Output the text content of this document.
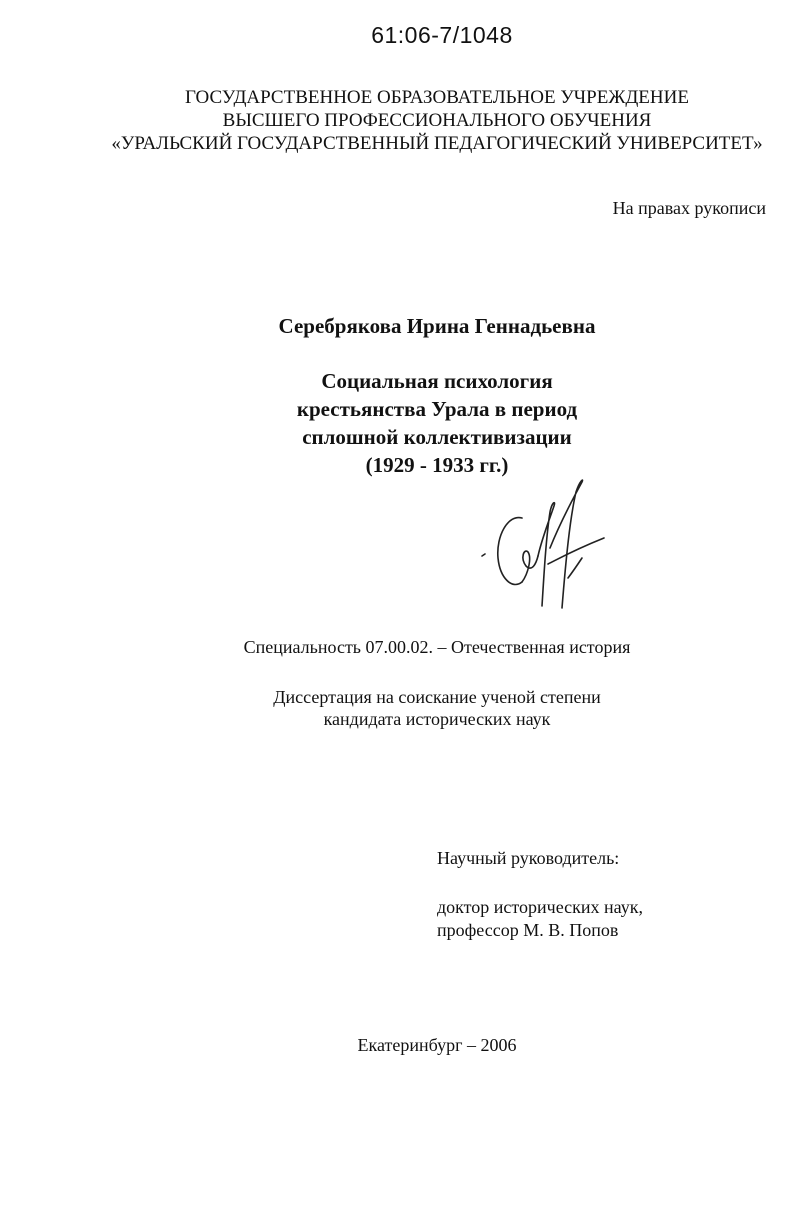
61:06-7/1048
ГОСУДАРСТВЕННОЕ ОБРАЗОВАТЕЛЬНОЕ УЧРЕЖДЕНИЕ
ВЫСШЕГО ПРОФЕССИОНАЛЬНОГО ОБУЧЕНИЯ
«УРАЛЬСКИЙ ГОСУДАРСТВЕННЫЙ ПЕДАГОГИЧЕСКИЙ УНИВЕРСИТЕТ»
На правах рукописи
Серебрякова Ирина Геннадьевна
Социальная психология
крестьянства Урала в период
сплошной коллективизации
(1929 - 1933 гг.)
Специальность 07.00.02. – Отечественная история
Диссертация на соискание ученой степени
кандидата исторических наук
Научный руководитель:
доктор исторических наук,
профессор М. В. Попов
Екатеринбург – 2006
